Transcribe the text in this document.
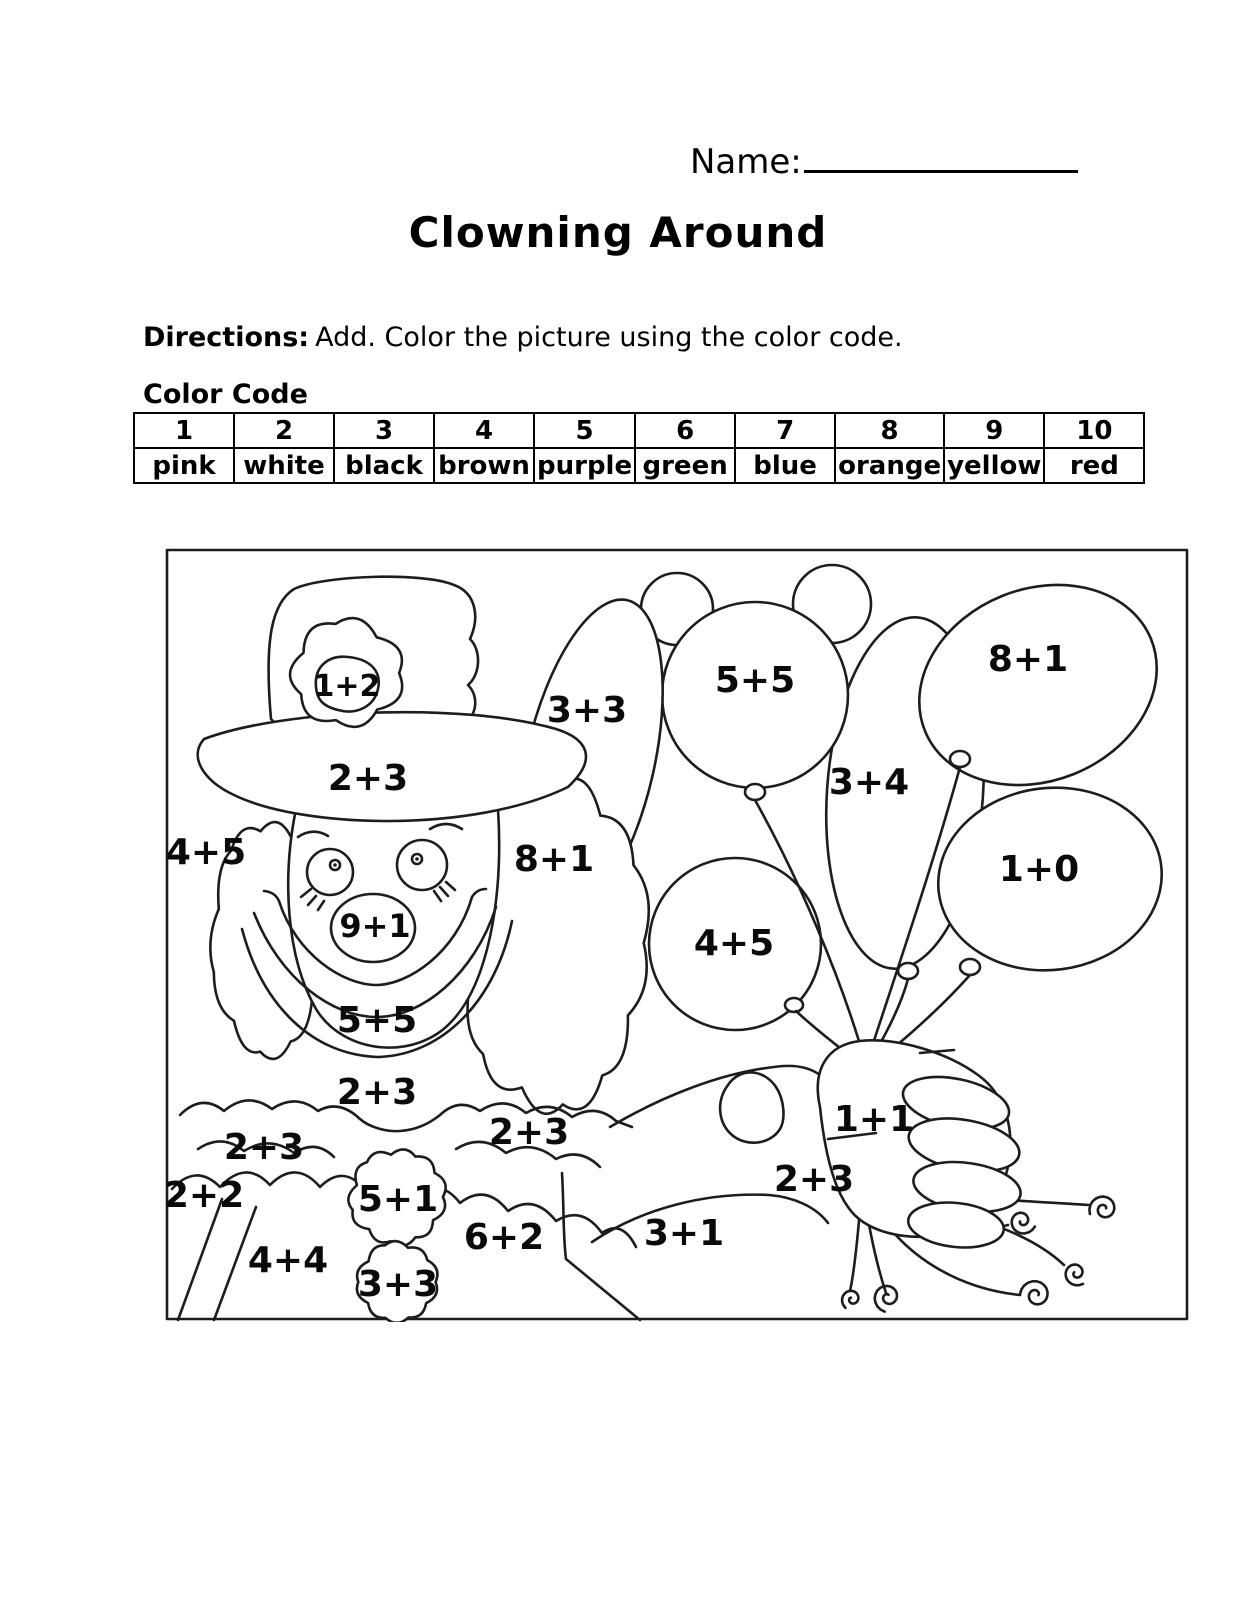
Name:
Clowning Around

Directions: Add. Color the picture using the color code.

Color Code

1	2	3	4	5	6	7	8	9	10
pink	white	black	brown	purple	green	blue	orange	yellow	red
1+2
2+3
3+3
5+5
8+1
3+4
4+5	8+1	1+0
9+1	4+5
5+5
2+3
1+1
2+3	2+3
2+3
2+2	5+1
3+1
6+2
4+4
3+3
